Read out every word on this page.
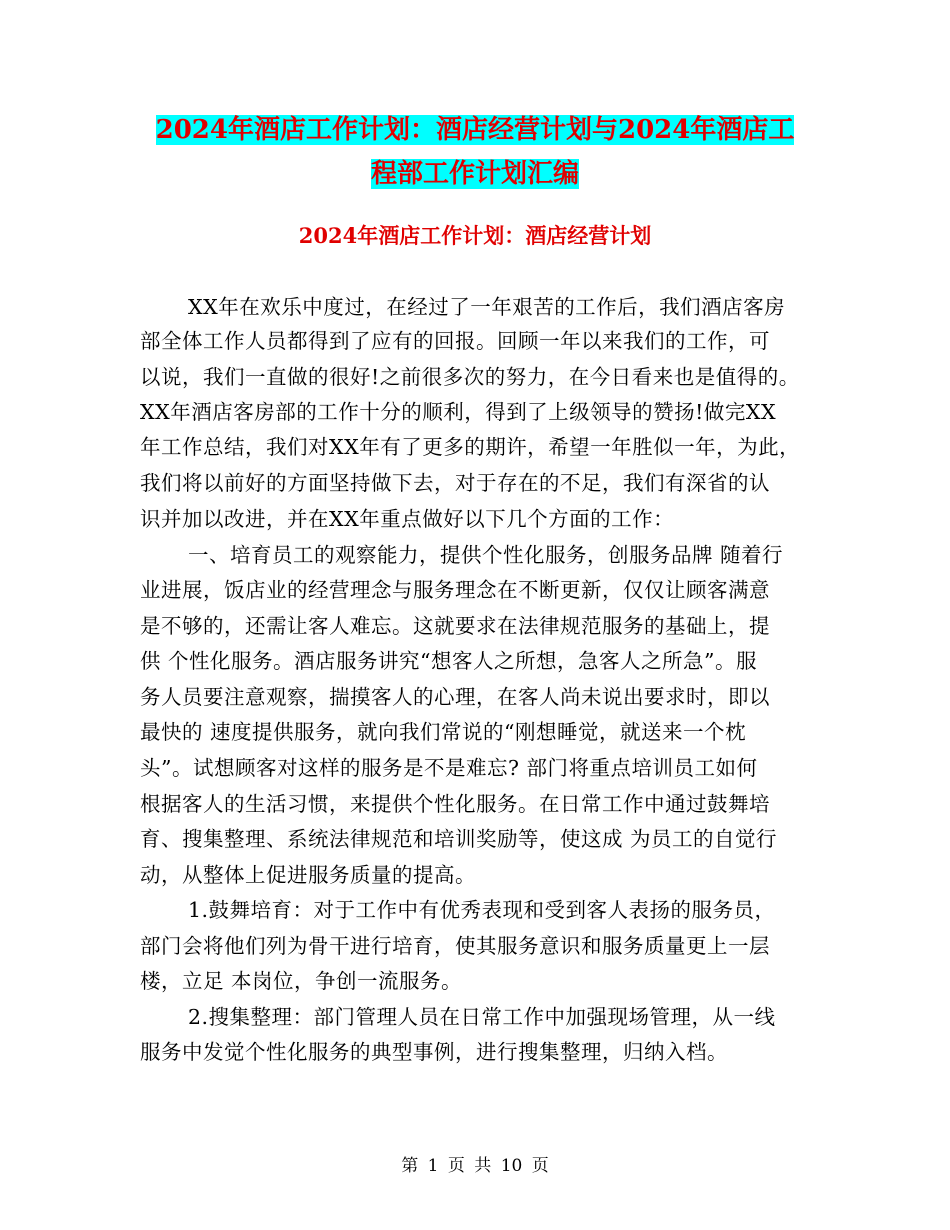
2024年酒店工作计划：酒店经营计划与2024年酒店工
程部工作计划汇编
2024年酒店工作计划：酒店经营计划
XX年在欢乐中度过，在经过了一年艰苦的工作后，我们酒店客房
部全体工作人员都得到了应有的回报。回顾一年以来我们的工作，可
以说，我们一直做的很好!之前很多次的努力，在今日看来也是值得的。
XX年酒店客房部的工作十分的顺利，得到了上级领导的赞扬!做完XX
年工作总结，我们对XX年有了更多的期许，希望一年胜似一年，为此，
我们将以前好的方面坚持做下去，对于存在的不足，我们有深省的认
识并加以改进，并在XX年重点做好以下几个方面的工作：
一、培育员工的观察能力，提供个性化服务，创服务品牌 随着行
业进展，饭店业的经营理念与服务理念在不断更新，仅仅让顾客满意
是不够的，还需让客人难忘。这就要求在法律规范服务的基础上，提
供 个性化服务。酒店服务讲究“想客人之所想，急客人之所急”。服
务人员要注意观察，揣摸客人的心理，在客人尚未说出要求时，即以
最快的 速度提供服务，就向我们常说的“刚想睡觉，就送来一个枕
头”。试想顾客对这样的服务是不是难忘? 部门将重点培训员工如何
根据客人的生活习惯，来提供个性化服务。在日常工作中通过鼓舞培
育、搜集整理、系统法律规范和培训奖励等，使这成 为员工的自觉行
动，从整体上促进服务质量的提高。
1.鼓舞培育：对于工作中有优秀表现和受到客人表扬的服务员，
部门会将他们列为骨干进行培育，使其服务意识和服务质量更上一层
楼，立足 本岗位，争创一流服务。
2.搜集整理：部门管理人员在日常工作中加强现场管理，从一线
服务中发觉个性化服务的典型事例，进行搜集整理，归纳入档。
第 1 页 共 10 页
